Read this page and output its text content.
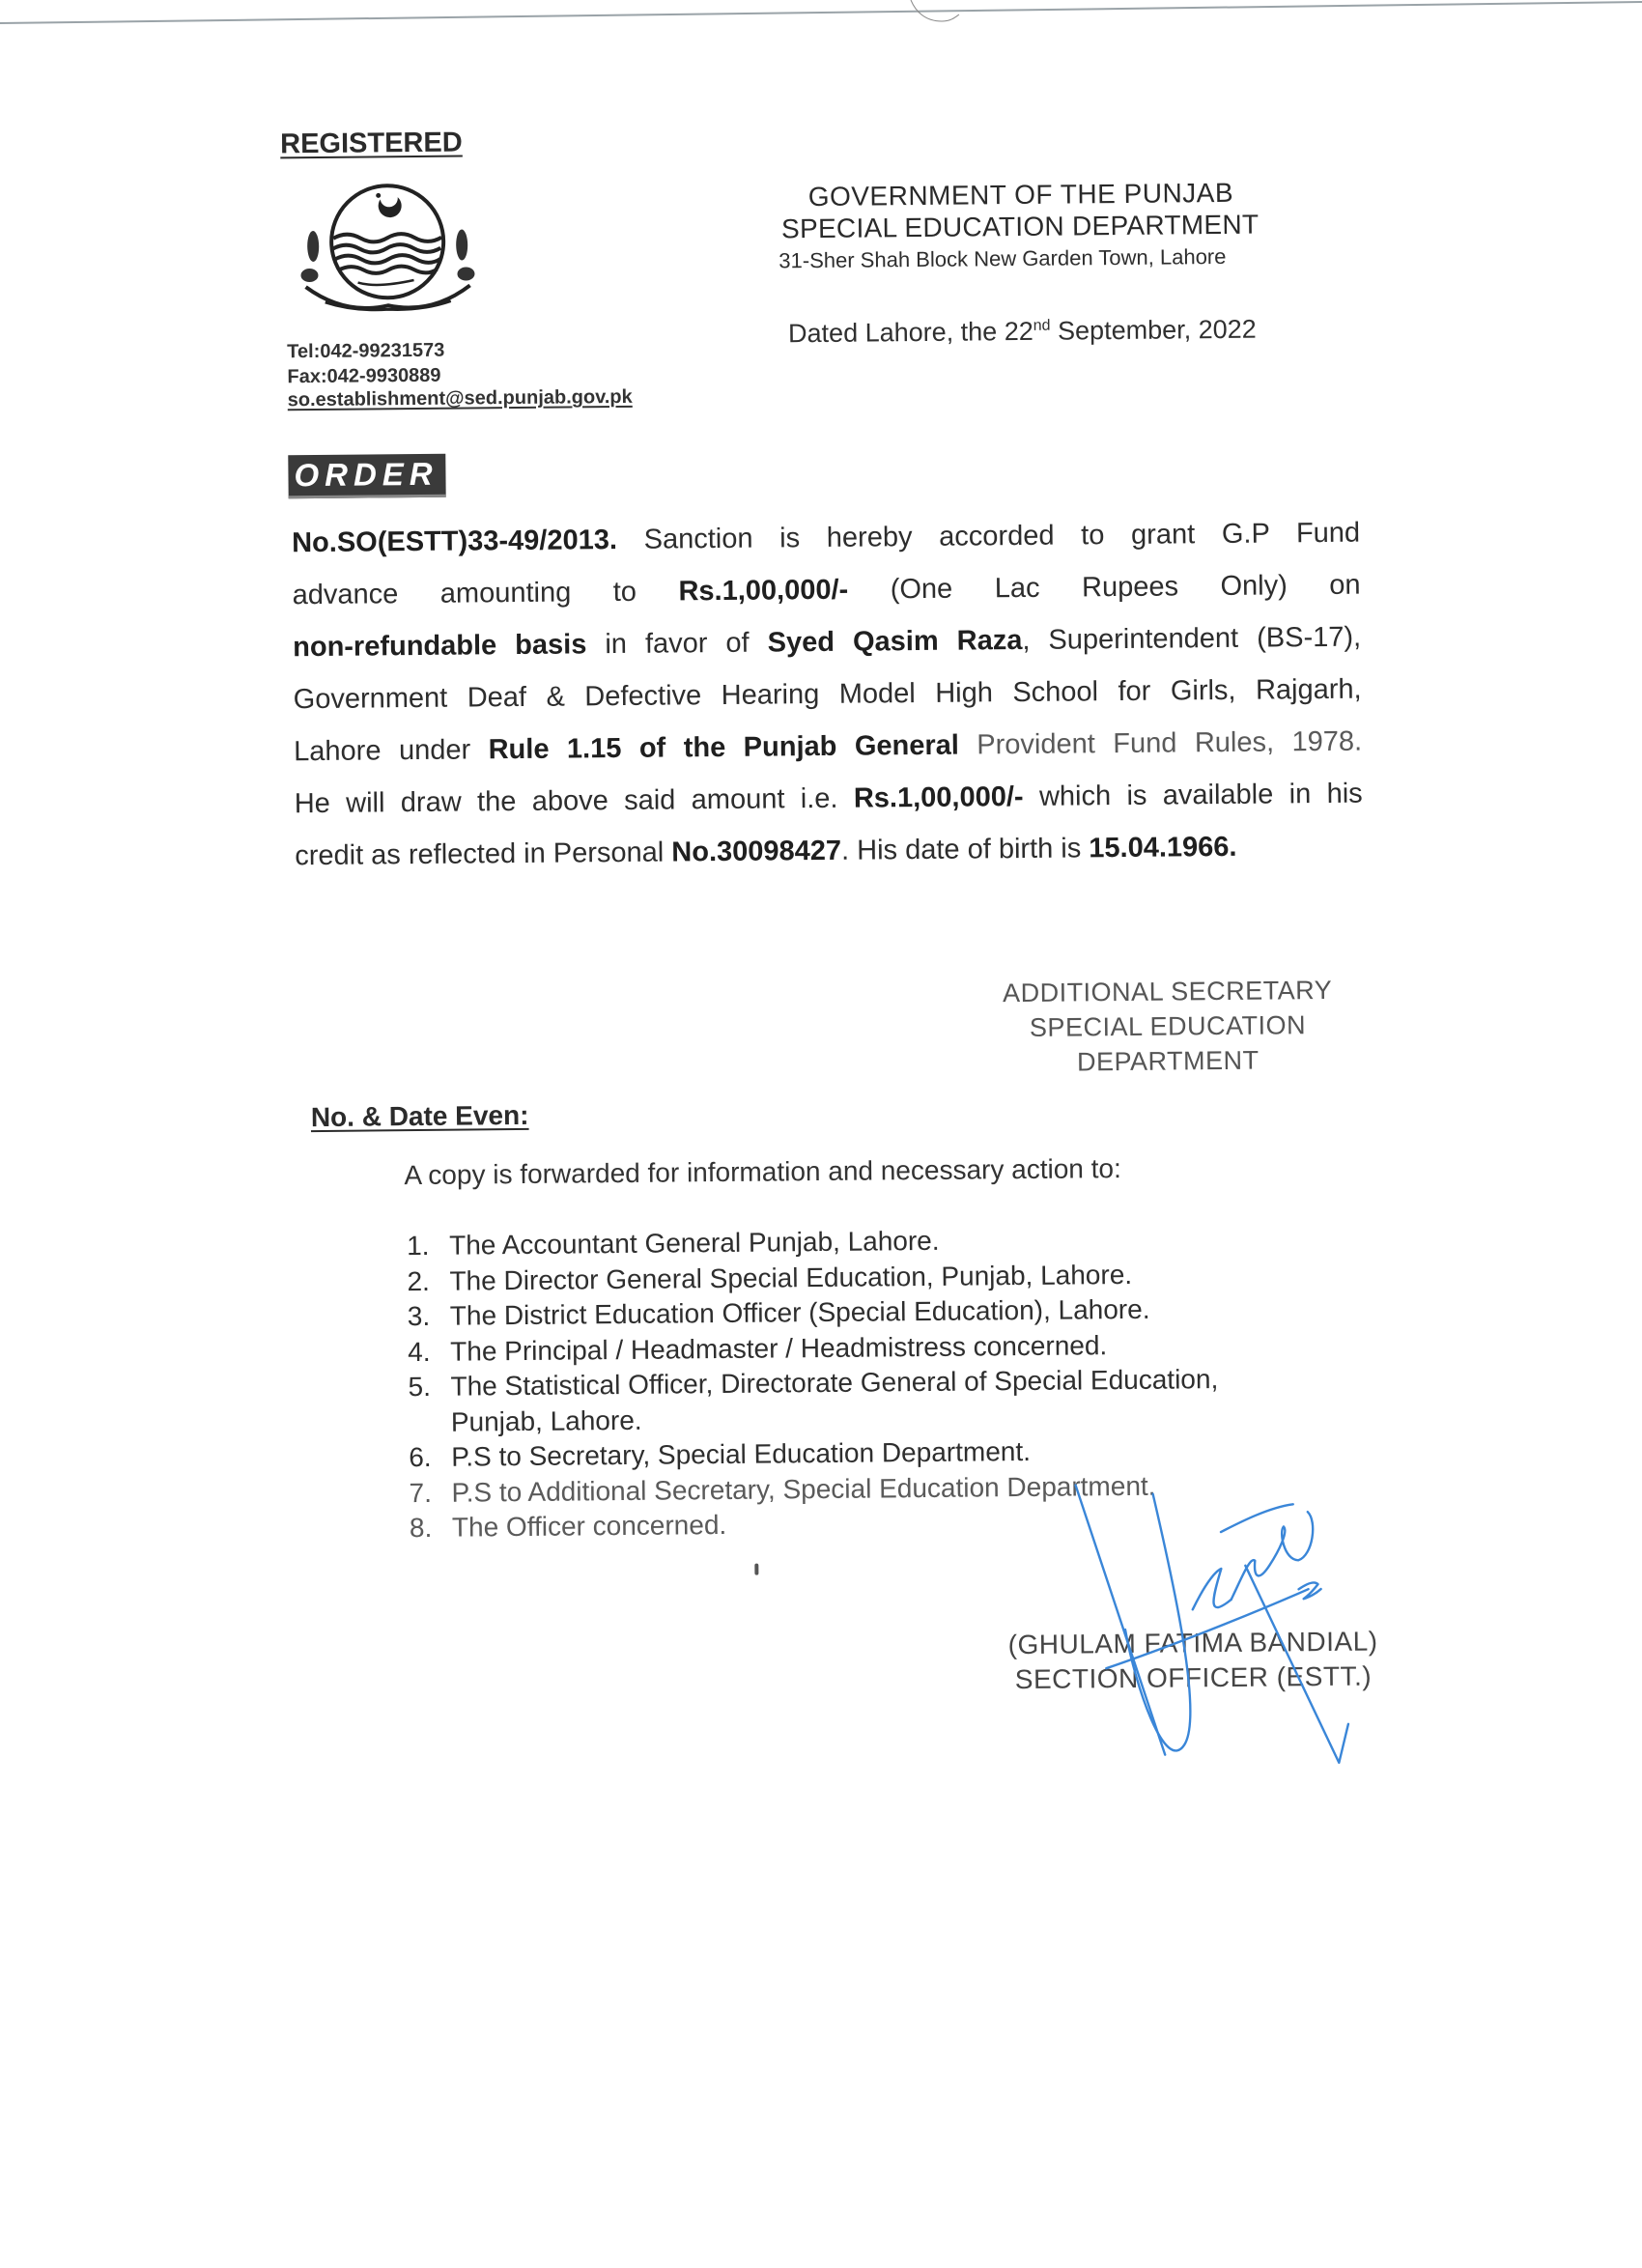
REGISTERED
Tel:042-99231573
Fax:042-9930889
so.establishment@sed.punjab.gov.pk
GOVERNMENT OF THE PUNJAB
SPECIAL EDUCATION DEPARTMENT
31-Sher Shah Block New Garden Town, Lahore
Dated Lahore, the 22nd September, 2022
ORDER
No.SO(ESTT)33-49/2013. Sanction is hereby accorded to grant G.P Fund
advance amounting to Rs.1,00,000/- (One Lac Rupees Only) on
non-refundable basis in favor of Syed Qasim Raza, Superintendent (BS-17),
Government Deaf & Defective Hearing Model High School for Girls, Rajgarh,
Lahore under Rule 1.15 of the Punjab General Provident Fund Rules, 1978.
He will draw the above said amount i.e. Rs.1,00,000/- which is available in his
credit as reflected in Personal No.30098427. His date of birth is 15.04.1966.
ADDITIONAL SECRETARY
SPECIAL EDUCATION
DEPARTMENT
No. & Date Even:
A copy is forwarded for information and necessary action to:
1. The Accountant General Punjab, Lahore.
2. The Director General Special Education, Punjab, Lahore.
3. The District Education Officer (Special Education), Lahore.
4. The Principal / Headmaster / Headmistress concerned.
5. The Statistical Officer, Directorate General of Special Education,
Punjab, Lahore.
6. P.S to Secretary, Special Education Department.
7. P.S to Additional Secretary, Special Education Department.
8. The Officer concerned.
(GHULAM FATIMA BANDIAL)
SECTION OFFICER (ESTT.)
